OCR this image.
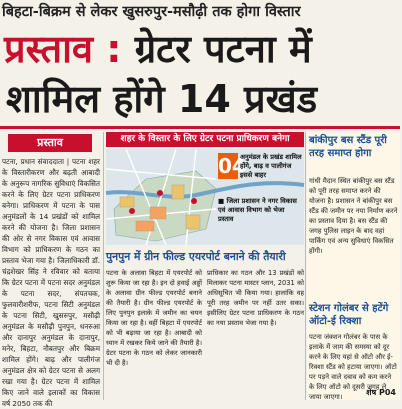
बिहटा-बिक्रम से लेकर खुसरुपुर-मसौढ़ी तक होगा विस्तार
प्रस्ताव : ग्रेटर पटना में
शामिल होंगे 14 प्रखंड
प्रस्ताव
पटना, प्रधान संवाददाता | पटना शहर के विस्तारीकरण और बढ़ती आबादी के अनुरूप नागरिक सुविधाएं विकसित करने के लिए ग्रेटर पटना प्राधिकरण बनेगा। प्राधिकरण में पटना के पास अनुमंडलों के 14 प्रखंडों को शामिल करने की योजना है। जिला प्रशासन की ओर से नगर विकास एवं आवास विभाग को प्राधिकरण के गठन का प्रस्ताव भेजा गया है। जिलाधिकारी डॉ. चंद्रशेखर सिंह ने रविवार को बताया कि ग्रेटर पटना में पटना सदर अनुमंडल के पटना सदर, संपतचक, फुलवारीशरीफ, पटना सिटी अनुमंडल के पटना सिटी, खुसरुपुर, मसौढ़ी अनुमंडल के मसौढ़ी पुनपुन, धनरुआ और दानापुर अनुमंडल के दानापुर, मनेर, बिहटा, नौबतपुर और बिक्रम शामिल होंगे। बाढ़ और पालीगंज अनुमंडल क्षेत्र को ग्रेटर पटना से अलग रखा गया है। ग्रेटर पटना में शामिल किए जाने वाले इलाकों का विकास वर्ष 2050 तक की
शहर के विस्तार के लिए ग्रेटर पटना प्राधिकरण बनेगा
04
अनुमंडल के प्रखंड शामिल होंगे, बाढ़ व पालीगंज इससे बाहर
■ जिला प्रशासन ने नगर विकास एवं आवास विभाग को भेजा प्रस्ताव
पुनपुन में ग्रीन फील्ड एयरपोर्ट बनाने की तैयारी
पटना के अलावा बिहटा में एयरपोर्ट को शुरू किया जा रहा है। इन दो हवाई अड्डों के अलावा ग्रीन फील्ड एयरपोर्ट बनाने की तैयारी है। ग्रीन फील्ड एयरपोर्ट के लिए पुनपुन इलाके में जमीन का चयन किया जा रहा है। वहीं बिहटा में एयरपोर्ट को भी बढ़ाया जा रहा है। आबादी को ध्यान में रखकर किये जाने की तैयारी है। ग्रेटर पटना के गठन को लेकर जानकारी भी दी है।
प्राधिकार का गठन और 13 प्रखंडों को मिलाकर पटना मास्टर प्लान, 2031 को अधिसूचित भी किया गया। हालांकि वह पूरी तरह जमीन पर नहीं उतर सका। इसीलिए ग्रेटर पटना प्राधिकरण के गठन का नया प्रस्ताव भेजा गया है।
बांकीपुर बस स्टैंड पूरी तरह समाप्त होगा
गांधी मैदान स्थित बांकीपुर बस स्टैंड को पूरी तरह समाप्त करने की योजना है। प्रशासन ने बांकीपुर बस स्टैंड की जमीन पर नया निर्माण करने का प्रस्ताव दिया है। बस स्टैंड की जगह पुलिस लाइन के बाद वहां पार्किंग एवं अन्य सुविधाएं विकसित होंगी।
स्टेशन गोलंबर से हटेंगे ऑटो-ई रिक्शा
पटना जंक्शन गोलंबर के पास के इलाके में जाम की समस्या को दूर करने के लिए यहां से ऑटो और ई-रिक्शा स्टैंड को हटाया जाएगा। ऑटो पर पड़ने वाले दबाव को कम करने के लिए ऑटो को दूसरी जगह ले जाया जाएगा।	शेष P04
